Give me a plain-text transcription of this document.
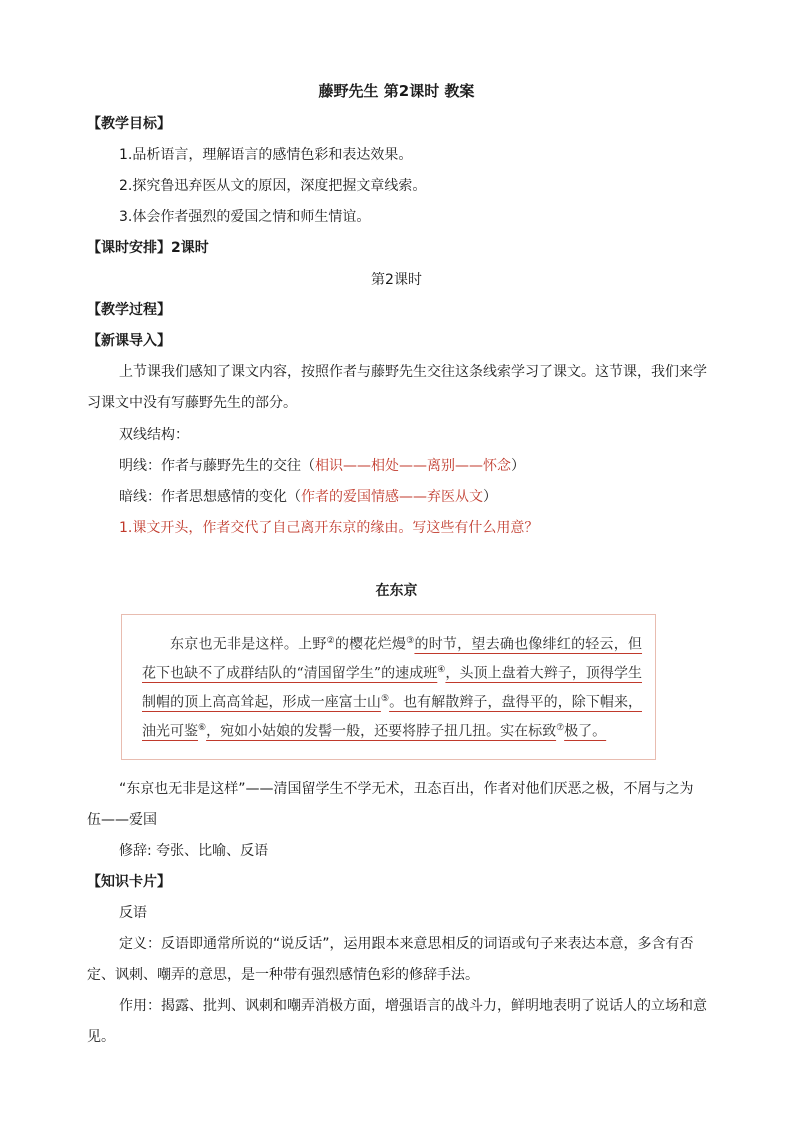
藤野先生 第2课时 教案
【教学目标】
1.品析语言，理解语言的感情色彩和表达效果。
2.探究鲁迅弃医从文的原因，深度把握文章线索。
3.体会作者强烈的爱国之情和师生情谊。
【课时安排】2课时
第2课时
【教学过程】
【新课导入】
上节课我们感知了课文内容，按照作者与藤野先生交往这条线索学习了课文。这节课，我们来学习课文中没有写藤野先生的部分。
双线结构：
明线：作者与藤野先生的交往（相识——相处——离别——怀念）
暗线：作者思想感情的变化（作者的爱国情感——弃医从文）
1.课文开头，作者交代了自己离开东京的缘由。写这些有什么用意？
在东京
东京也无非是这样。上野②的樱花烂熳③的时节，望去确也像绯红的轻云，但花下也缺不了成群结队的“清国留学生”的速成班④，头顶上盘着大辫子，顶得学生制帽的顶上高高耸起，形成一座富士山⑤。也有解散辫子，盘得平的，除下帽来，油光可鉴⑥，宛如小姑娘的发髻一般，还要将脖子扭几扭。实在标致⑦极了。
“东京也无非是这样”——清国留学生不学无术，丑态百出，作者对他们厌恶之极，不屑与之为伍——爱国
修辞: 夸张、比喻、反语
【知识卡片】
反语
定义：反语即通常所说的“说反话”，运用跟本来意思相反的词语或句子来表达本意，多含有否定、讽刺、嘲弄的意思，是一种带有强烈感情色彩的修辞手法。
作用：揭露、批判、讽刺和嘲弄消极方面，增强语言的战斗力，鲜明地表明了说话人的立场和意见。
